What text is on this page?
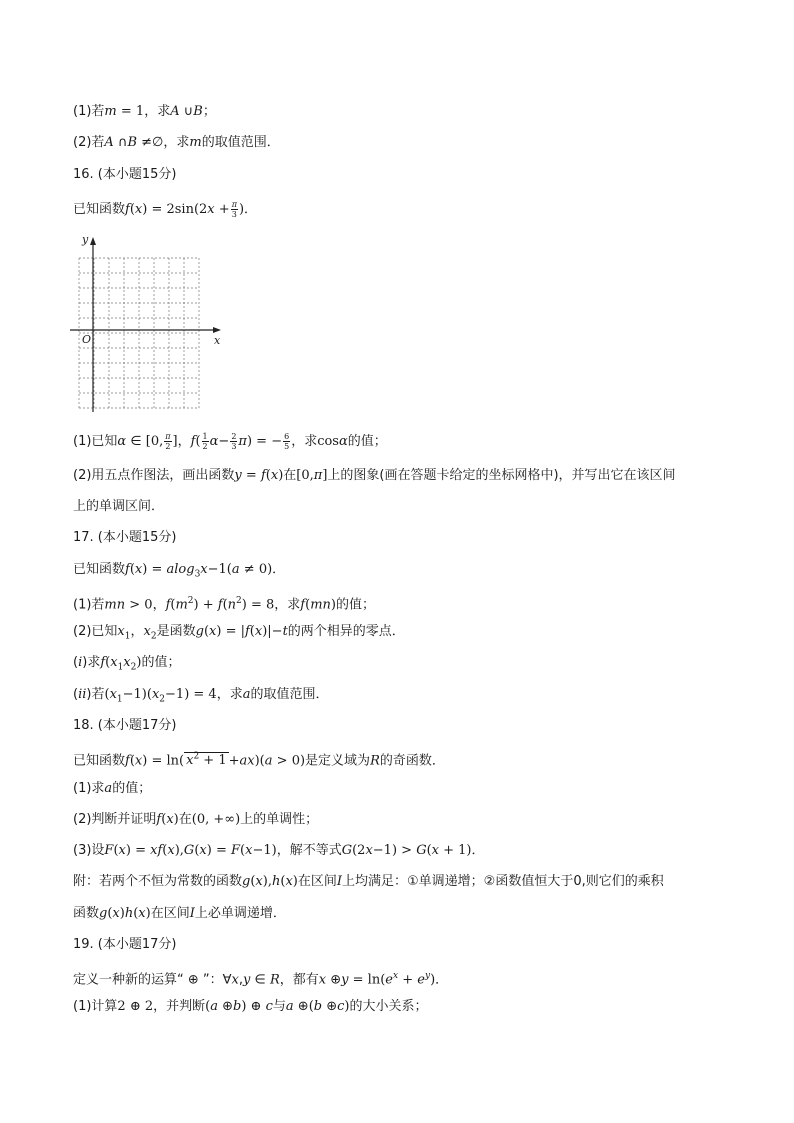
(1)若m = 1，求A ∪B；
(2)若A ∩B ≠∅，求m的取值范围．
16. (本小题15分)
已知函数$f(x) = 2\sin(2x + \frac{\pi}{3}$ )．
y
x
O
(1)已知α ∈ [0, $\frac{\pi}{2}$ ]，$f( \frac{1}{2} \alpha- \frac{2}{3} \pi)$ = − $\frac{6}{5}$ ，求cosα的值；
(2)用五点作图法，画出函数y = f(x)在[0,π]上的图象(画在答题卡给定的坐标网格中)，并写出它在该区间
上的单调区间．
17. (本小题15分)
已知函数f(x) = alog$_3$x−1(a ≠ 0)．
(1)若mn > 0，$f(m^2) + f(n^2) = 8$，求f(mn)的值；
(2)已知$x_1$，$x_2$是函数g(x) = |f(x)|−t的两个相异的零点．
(i)求$f(x_1x_2)$的值；
(ii)若$(x_1-1)(x_2-1) = 4$，求a的取值范围．
18. (本小题17分)
已知函数f(x) = ln( $x^2 + 1 +ax)(a > 0)$是定义域为R的奇函数．
(1)求a的值；
(2)判断并证明f(x)在(0, +∞)上的单调性；
(3)设F(x) = xf(x),G(x) = F(x−1)，解不等式G(2x−1) > G(x + 1)．
附：若两个不恒为常数的函数g(x),h(x)在区间I上均满足：①单调递增；②函数值恒大于0,则它们的乘积
函数g(x)h(x)在区间I上必单调递增．
19. (本小题17分)
定义一种新的运算“ ⊕ ”：∀x,y ∈ R，都有x ⊕y = $\ln(e^x + e^y)$．
(1)计算2 ⊕ 2，并判断(a ⊕b) ⊕ c与a ⊕(b ⊕c)的大小关系；
